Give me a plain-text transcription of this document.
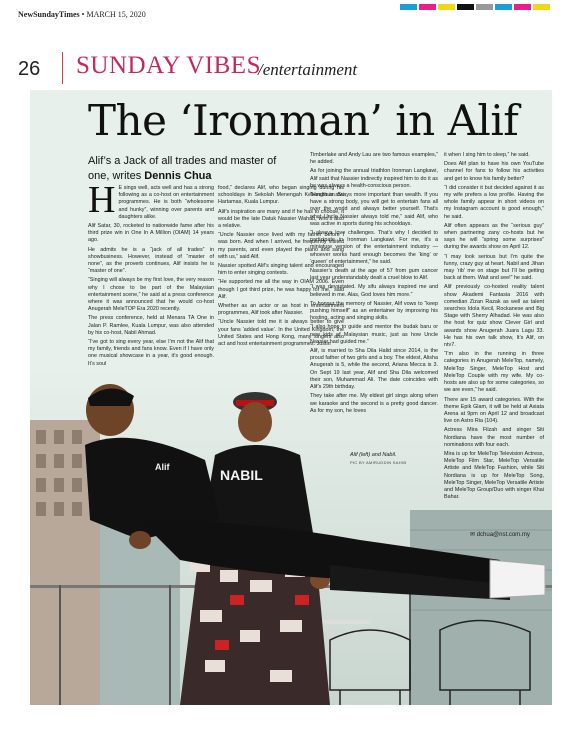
NewSundayTimes • MARCH 15, 2020
26 SUNDAY VIBES
/entertainment
NABIL
Alif
The ‘Ironman’ in Alif
Alif’s a Jack of all trades and master of one, writes Dennis Chua

H E sings well, acts well and has a strong following as a co-host on entertainment programmes. He is both “wholesome and hunky”, winning over parents and daughters alike.

Alif Satar, 30, rocketed to nationwide fame after his third prize win in One In A Million (OIAM) 14 years ago.

He admits he is a “jack of all trades” in showbusiness. However, instead of “master of none”, as the proverb continues, Alif insists he is “master of one”.

“Singing will always be my first love, the very reason why I chose to be part of the Malaysian entertainment scene,” he said at a press conference where it was announced that he would co-host Anugerah MeleTOP Era 2020 recently.

The press conference, held at Menara TA One in Jalan P. Ramlee, Kuala Lumpur, was also attended by his co-host, Nabil Ahmad.

“I’ve got to sing every year, else I’m not the Alif that my family, friends and fans know. Even if I have only one musical showcase in a year, it’s good enough. It’s soul

food,” declares Alif, who began singing during his schooldays in Sekolah Menengah Kebangsaan Sri Hartamas, Kuala Lumpur.

Alif’s inspiration are many and if he has to choose, it would be the late Datuk Nassier Wahab, who’s also a relative.

“Uncle Nassier once lived with my father before I was born. And when I arrived, he frequently visited my parents, and even played the piano and sang with us,” said Alif.

Nassier spotted Alif’s singing talent and encouraged him to enter singing contests.

“He supported me all the way in OIAM 2006. Even though I got third prize, he was happy for me,” said Alif.

Whether as an actor or as host in entertainment programmes, Alif took after Nassier.

“Uncle Nassier told me it is always better to give your fans ‘added value’. In the United Kingdom, the United States and Hong Kong, many singers also act and host entertainment programmes. Justin

Timberlake and Andy Lau are two famous examples,” he added.

As for joining the annual triathlon Ironman Langkawi, Alif said that Nassier indirectly inspired him to do it as he was always a health-conscious person.

“Health is always more important than wealth. If you have a strong body, you will get to entertain fans all over the world and always better yourself. That’s what Uncle Nassier always told me,” said Alif, who was active in sports during his schooldays.

“I always love challenges. That’s why I decided to participate in Ironman Langkawi. For me, it’s a miniature version of the entertainment industry — whoever works hard enough becomes the ‘king’ or ‘queen’ of entertainment,” he said.

Nassier’s death at the age of 57 from gum cancer last year understandably dealt a cruel blow to Alif.

“I was devastated. My sifu always inspired me and believed in me. Alas, God loves him more.”

To honour the memory of Nassier, Alif vows to “keep pushing himself” as an entertainer by improving his hosting, acting and singing skills.

“I also hope to guide and mentor the budak baru or new kids of Malaysian music, just as how Uncle Nassier had guided me.”

Alif, is married to Sha Dila Halid since 2014, is the proud father of two girls and a boy. The eldest, Alisha Anugerah is 5, while the second, Ariana Mecca is 3. On Sept 19 last year, Alif and Sha Dila welcomed their son, Muhammad Ali. The date coincides with Alif’s 29th birthday.

They take after me. My eldest girl sings along when we karaoke and the second is a pretty good dancer. As for my son, he loves

it when I sing him to sleep,” he said.

Does Alif plan to have his own YouTube channel for fans to follow his activities and get to know his family better?

“I did consider it but decided against it as my wife prefers a low profile. Having the whole family appear in short videos on my Instagram account is good enough,” he said.

Alif often appears as the “serious guy” when partnering zany co-hosts but he says he will “spring some surprises” during the awards show on April 12.

“I may look serious but I’m quite the funny, crazy guy at heart. Nabil and Jihan may ‘rib’ me on stage but I’ll be getting back at them. Wait and see!” he said.

Alif previously co-hosted reality talent show Akademi Fantasia 2016 with comedian Zizan Razak as well as talent searches Idola Kecil, Rockanese and Big Stage with Sherry Alhadad. He was also the host for quiz show Clever Girl and awards show Anugerah Juara Lagu 33. He has his own talk show, It’s Alif, on ntv7.

“I’m also in the running in three categories in Anugerah MeleTop, namely, MeleTop Singer, MeleTop Host and MeleTop Couple with my wife. My co-hosts are also up for some categories, so we are even,” he said.

There are 15 award categories. With the theme Epik Glam, it will be held at Axiata Arena at 9pm on April 12 and broadcast live on Astro Ria (104).

Actress Mira Filzah and singer Siti Nordiana have the most number of nominations with four each.

Mira is up for MeleTop Television Actress, MeleTop Film Star, MeleTop Versatile Artiste and MeleTop Fashion, while Siti Nordiana is up for MeleTop Song, MeleTop Singer, MeleTop Versatile Artiste and MeleTop Group/Duo with singer Khai Bahar.

Alif (left) and Nabil.
PIC BY AMIRUDDIN SAHIB
✉ dchua@nst.com.my
